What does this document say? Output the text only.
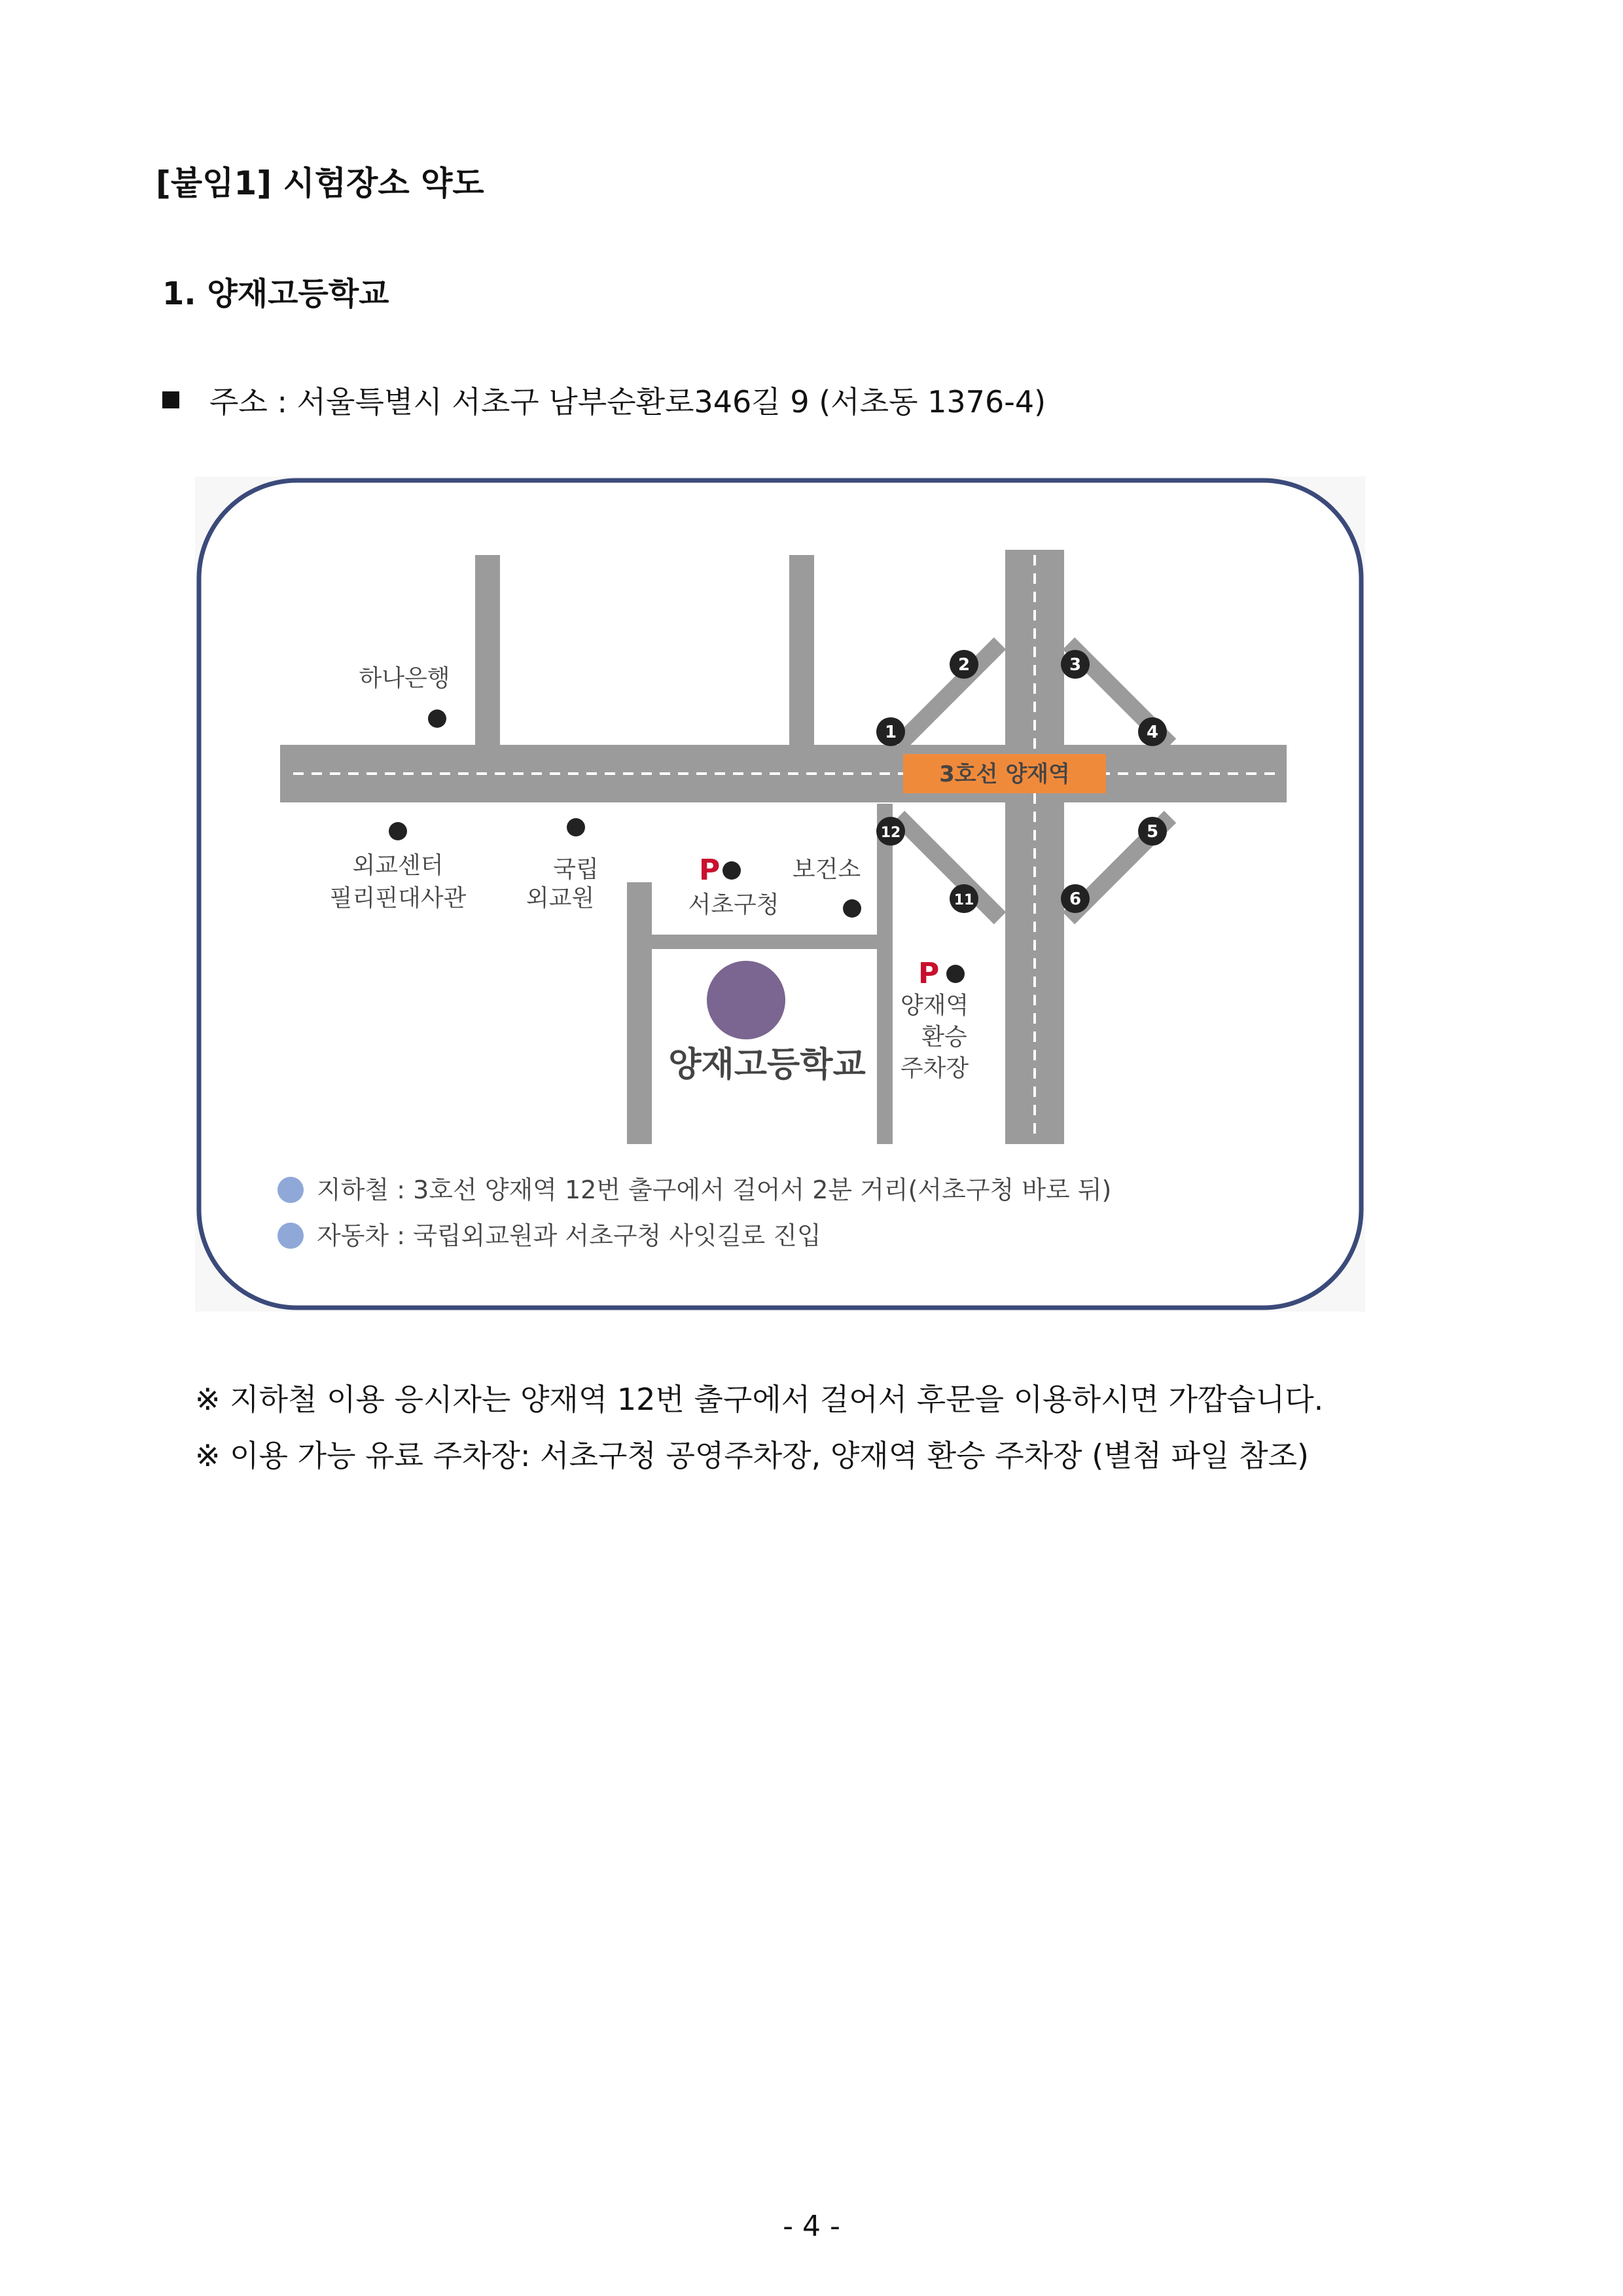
[붙임1] 시험장소 약도
1. 양재고등학교
주소 : 서울특별시 서초구 남부순환로346길 9 (서초동 1376-4)
3호선 양재역
1
2	3
4
5
6
11
12
하나은행
외교센터
필리핀대사관
국립
외교원	서초구청
보건소
양재역
환승
주차장
P
P
양재고등학교
지하철 : 3호선 양재역 12번 출구에서 걸어서 2분 거리(서초구청 바로 뒤)
자동차 : 국립외교원과 서초구청 사잇길로 진입
※ 지하철 이용 응시자는 양재역 12번 출구에서 걸어서 후문을 이용하시면 가깝습니다.
※ 이용 가능 유료 주차장: 서초구청 공영주차장, 양재역 환승 주차장 (별첨 파일 참조)
- 4 -
